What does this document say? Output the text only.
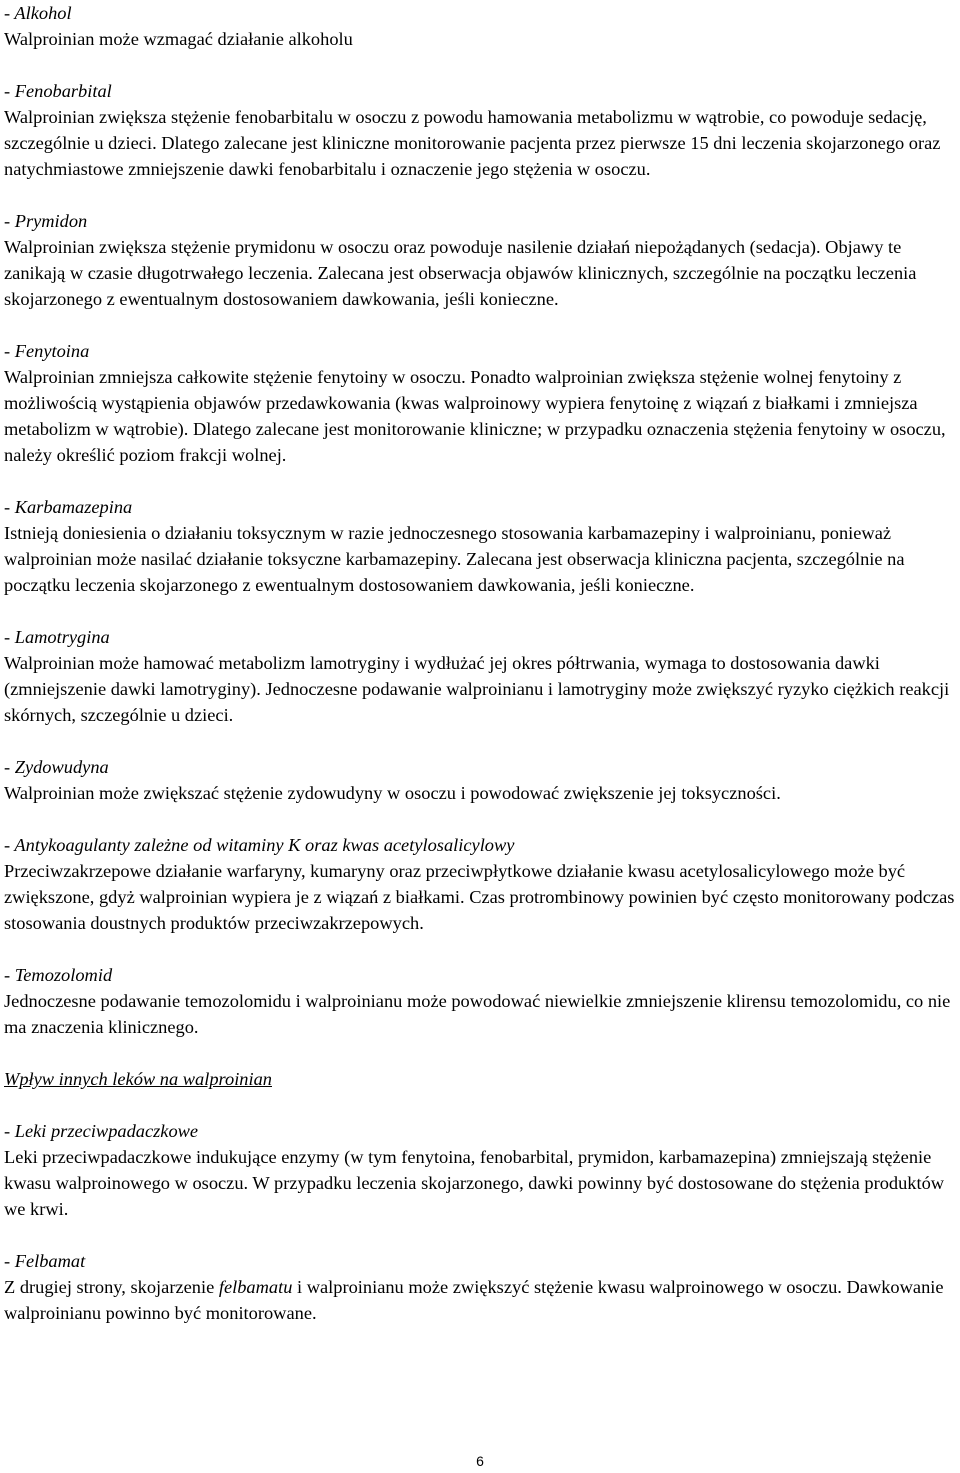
- Alkohol
Walproinian może wzmagać działanie alkoholu
- Fenobarbital
Walproinian zwiększa stężenie fenobarbitalu w osoczu z powodu hamowania metabolizmu w wątrobie, co powoduje sedację, szczególnie u dzieci. Dlatego zalecane jest kliniczne monitorowanie pacjenta przez pierwsze 15 dni leczenia skojarzonego oraz natychmiastowe zmniejszenie dawki fenobarbitalu i oznaczenie jego stężenia w osoczu.
- Prymidon
Walproinian zwiększa stężenie prymidonu w osoczu oraz powoduje nasilenie działań niepożądanych (sedacja). Objawy te zanikają w czasie długotrwałego leczenia. Zalecana jest obserwacja objawów klinicznych, szczególnie na początku leczenia skojarzonego z ewentualnym dostosowaniem dawkowania, jeśli konieczne.
- Fenytoina
Walproinian zmniejsza całkowite stężenie fenytoiny w osoczu. Ponadto walproinian zwiększa stężenie wolnej fenytoiny z możliwością wystąpienia objawów przedawkowania (kwas walproinowy wypiera fenytoinę z wiązań z białkami i zmniejsza metabolizm w wątrobie). Dlatego zalecane jest monitorowanie kliniczne; w przypadku oznaczenia stężenia fenytoiny w osoczu, należy określić poziom frakcji wolnej.
- Karbamazepina
Istnieją doniesienia o działaniu toksycznym w razie jednoczesnego stosowania karbamazepiny i walproinianu, ponieważ walproinian może nasilać działanie toksyczne karbamazepiny. Zalecana jest obserwacja kliniczna pacjenta, szczególnie na początku leczenia skojarzonego z ewentualnym dostosowaniem dawkowania, jeśli konieczne.
- Lamotrygina
Walproinian może hamować metabolizm lamotryginy i wydłużać jej okres półtrwania, wymaga to dostosowania dawki (zmniejszenie dawki lamotryginy). Jednoczesne podawanie walproinianu i lamotryginy może zwiększyć ryzyko ciężkich reakcji skórnych, szczególnie u dzieci.
- Zydowudyna
Walproinian może zwiększać stężenie zydowudyny w osoczu i powodować zwiększenie jej toksyczności.
- Antykoagulanty zależne od witaminy K oraz kwas acetylosalicylowy
Przeciwzakrzepowe działanie warfaryny, kumaryny oraz przeciwpłytkowe działanie kwasu acetylosalicylowego może być zwiększone, gdyż walproinian wypiera je z wiązań z białkami. Czas protrombinowy powinien być często monitorowany podczas stosowania doustnych produktów przeciwzakrzepowych.
- Temozolomid
Jednoczesne podawanie temozolomidu i walproinianu może powodować niewielkie zmniejszenie klirensu temozolomidu, co nie ma znaczenia klinicznego.
Wpływ innych leków na walproinian
- Leki przeciwpadaczkowe
Leki przeciwpadaczkowe indukujące enzymy (w tym fenytoina, fenobarbital, prymidon, karbamazepina) zmniejszają stężenie kwasu walproinowego w osoczu. W przypadku leczenia skojarzonego, dawki powinny być dostosowane do stężenia produktów we krwi.
- Felbamat
Z drugiej strony, skojarzenie felbamatu i walproinianu może zwiększyć stężenie kwasu walproinowego w osoczu. Dawkowanie walproinianu powinno być monitorowane.
6
